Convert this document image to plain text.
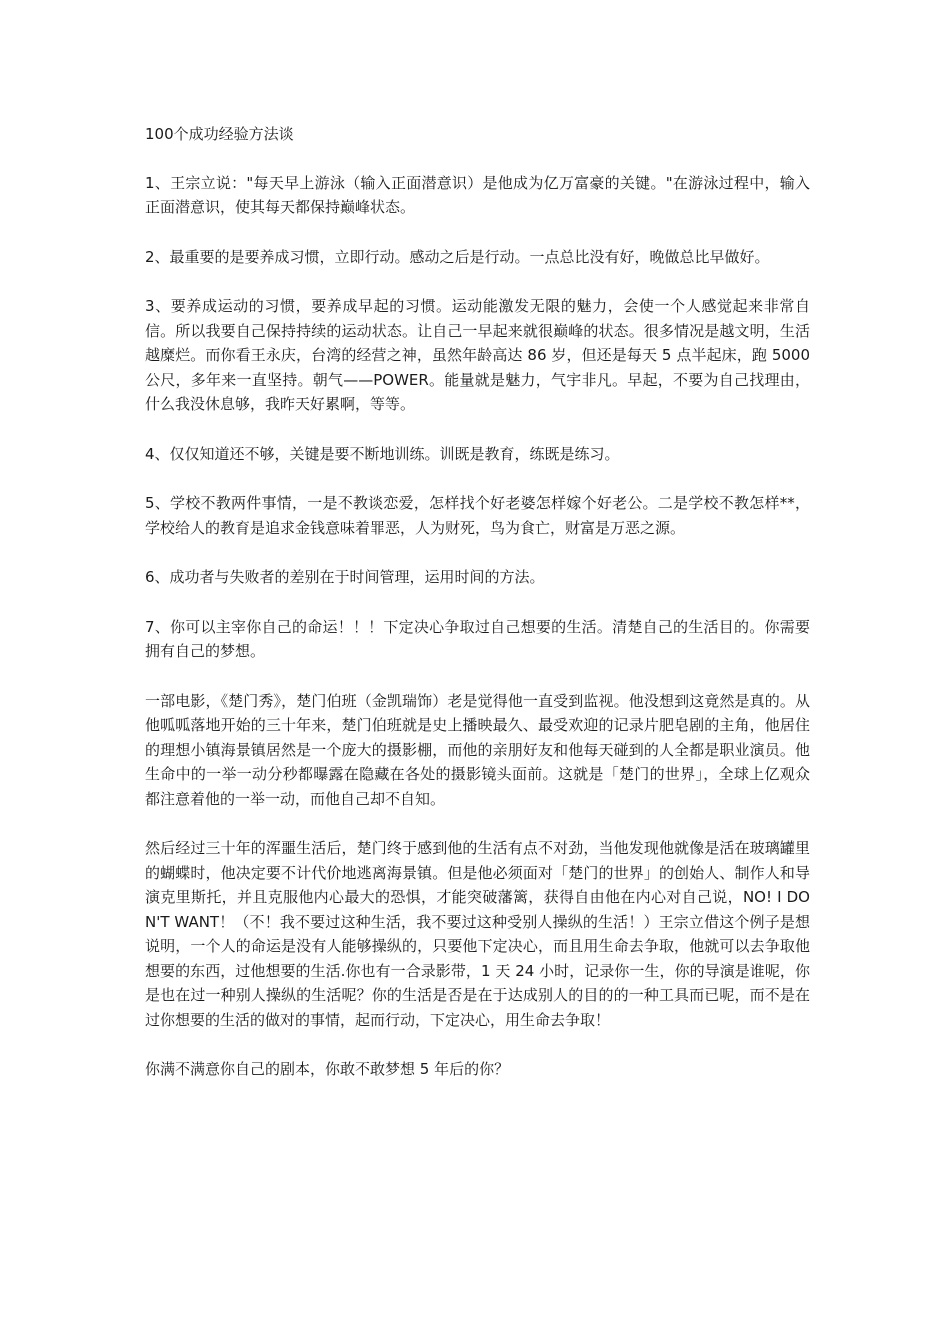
100个成功经验方法谈

1、王宗立说："每天早上游泳（输入正面潜意识）是他成为亿万富豪的关键。"在游泳过程中，输入正面潜意识，使其每天都保持巅峰状态。

2、最重要的是要养成习惯，立即行动。感动之后是行动。一点总比没有好，晚做总比早做好。

3、要养成运动的习惯，要养成早起的习惯。运动能激发无限的魅力，会使一个人感觉起来非常自信。所以我要自己保持持续的运动状态。让自己一早起来就很巅峰的状态。很多情况是越文明，生活越糜烂。而你看王永庆，台湾的经营之神，虽然年龄高达 86 岁，但还是每天 5 点半起床，跑 5000 公尺，多年来一直坚持。朝气——POWER。能量就是魅力，气宇非凡。早起，不要为自己找理由，什么我没休息够，我昨天好累啊，等等。

4、仅仅知道还不够，关键是要不断地训练。训既是教育，练既是练习。

5、学校不教两件事情，一是不教谈恋爱，怎样找个好老婆怎样嫁个好老公。二是学校不教怎样**，学校给人的教育是追求金钱意味着罪恶，人为财死，鸟为食亡，财富是万恶之源。

6、成功者与失败者的差别在于时间管理，运用时间的方法。

7、你可以主宰你自己的命运！！！下定决心争取过自己想要的生活。清楚自己的生活目的。你需要拥有自己的梦想。

一部电影，《楚门秀》，楚门伯班（金凯瑞饰）老是觉得他一直受到监视。他没想到这竟然是真的。从他呱呱落地开始的三十年来，楚门伯班就是史上播映最久、最受欢迎的记录片肥皂剧的主角，他居住的理想小镇海景镇居然是一个庞大的摄影棚，而他的亲朋好友和他每天碰到的人全都是职业演员。他生命中的一举一动分秒都曝露在隐藏在各处的摄影镜头面前。这就是「楚门的世界」，全球上亿观众都注意着他的一举一动，而他自己却不自知。

然后经过三十年的浑噩生活后，楚门终于感到他的生活有点不对劲，当他发现他就像是活在玻璃罐里的蝴蝶时，他决定要不计代价地逃离海景镇。但是他必须面对「楚门的世界」的创始人、制作人和导演克里斯托，并且克服他内心最大的恐惧，才能突破藩篱，获得自由他在内心对自己说，NO! I DON'T WANT！（不！我不要过这种生活，我不要过这种受别人操纵的生活！）王宗立借这个例子是想说明，一个人的命运是没有人能够操纵的，只要他下定决心，而且用生命去争取，他就可以去争取他想要的东西，过他想要的生活.你也有一合录影带，1 天 24 小时，记录你一生，你的导演是谁呢，你是也在过一种别人操纵的生活呢？你的生活是否是在于达成别人的目的的一种工具而已呢，而不是在过你想要的生活的做对的事情，起而行动，下定决心，用生命去争取！

你满不满意你自己的剧本，你敢不敢梦想 5 年后的你？
